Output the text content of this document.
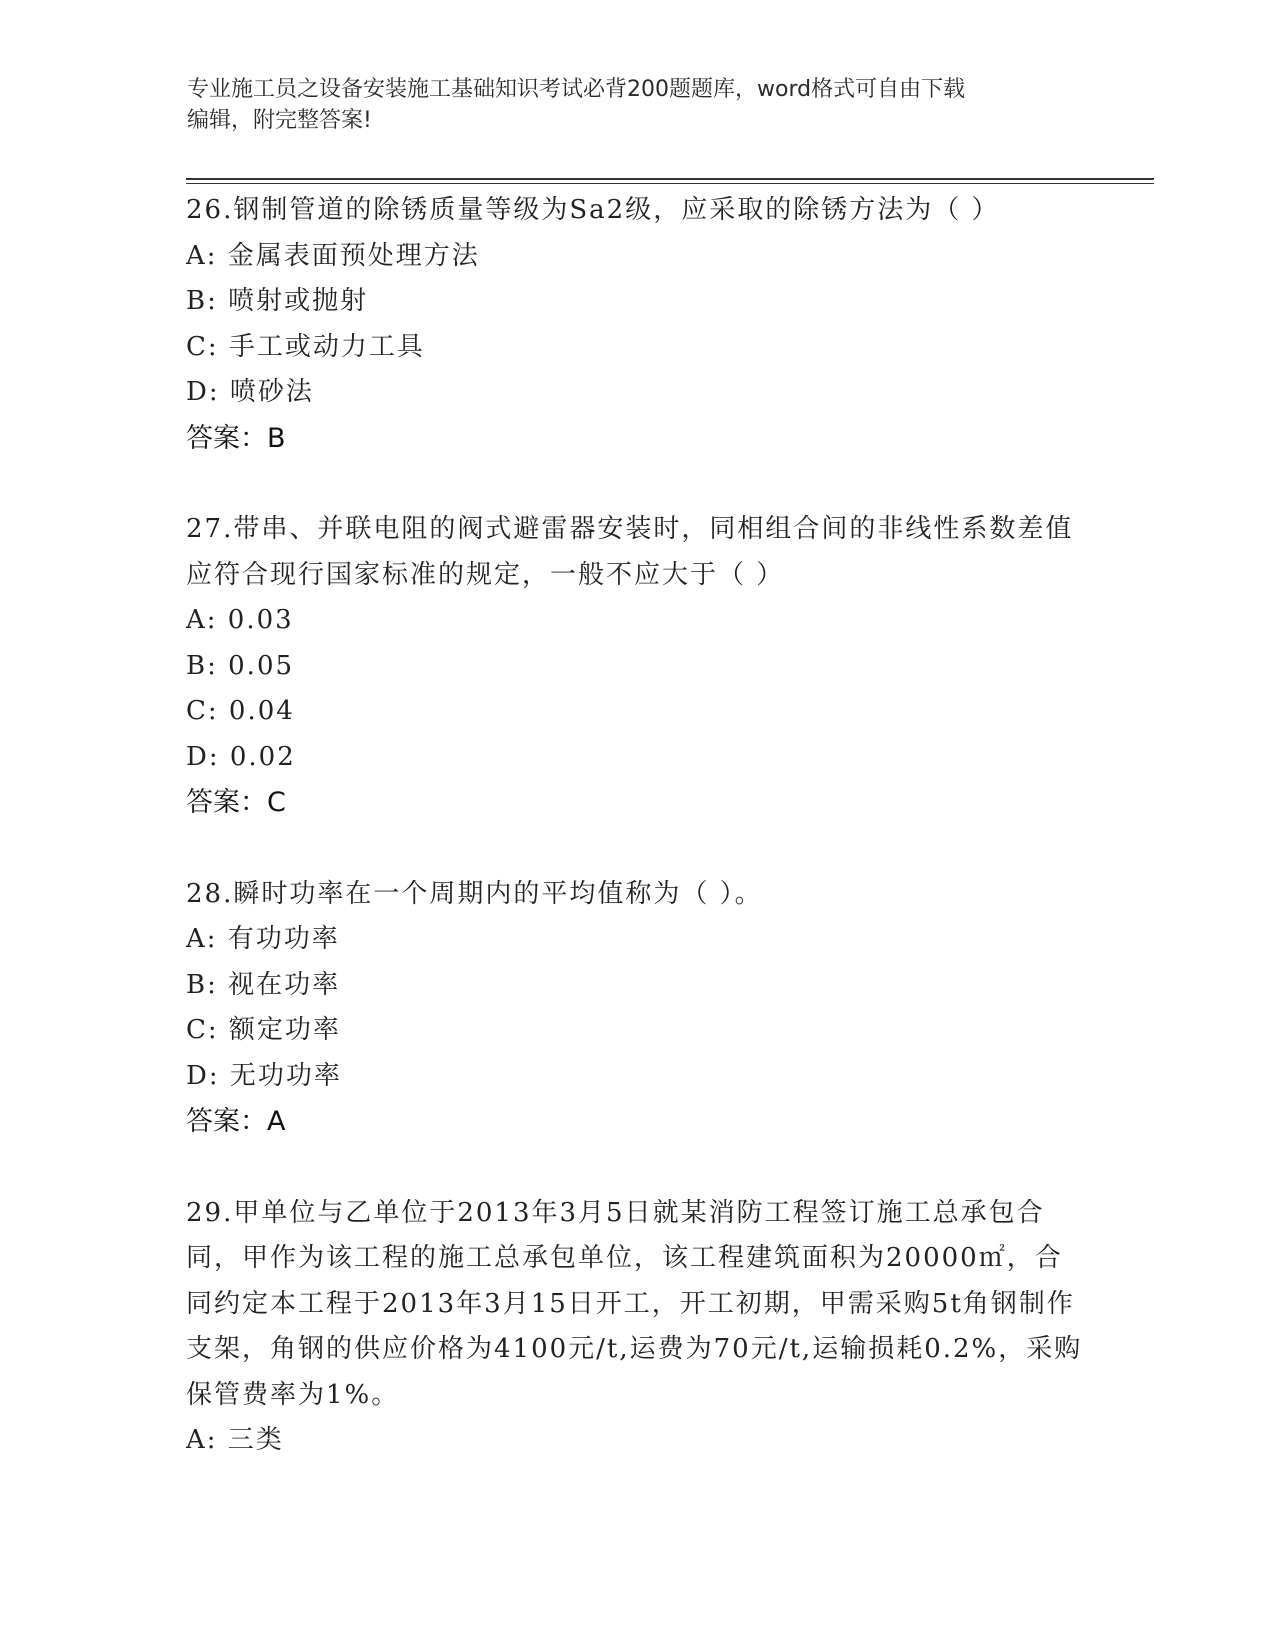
专业施工员之设备安装施工基础知识考试必背200题题库，word格式可自由下载
编辑，附完整答案!
26.钢制管道的除锈质量等级为Sa2级，应采取的除锈方法为（ ）
A: 金属表面预处理方法
B: 喷射或抛射
C: 手工或动力工具
D: 喷砂法
答案：B
27.带串、并联电阻的阀式避雷器安装时，同相组合间的非线性系数差值应符合现行国家标准的规定，一般不应大于（ ）
A: 0.03
B: 0.05
C: 0.04
D: 0.02
答案：C
28.瞬时功率在一个周期内的平均值称为（ ）。
A: 有功功率
B: 视在功率
C: 额定功率
D: 无功功率
答案：A
29.甲单位与乙单位于2013年3月5日就某消防工程签订施工总承包合同，甲作为该工程的施工总承包单位，该工程建筑面积为20000㎡，合同约定本工程于2013年3月15日开工，开工初期，甲需采购5t角钢制作支架，角钢的供应价格为4100元/t,运费为70元/t,运输损耗0.2%，采购保管费率为1%。
A: 三类
